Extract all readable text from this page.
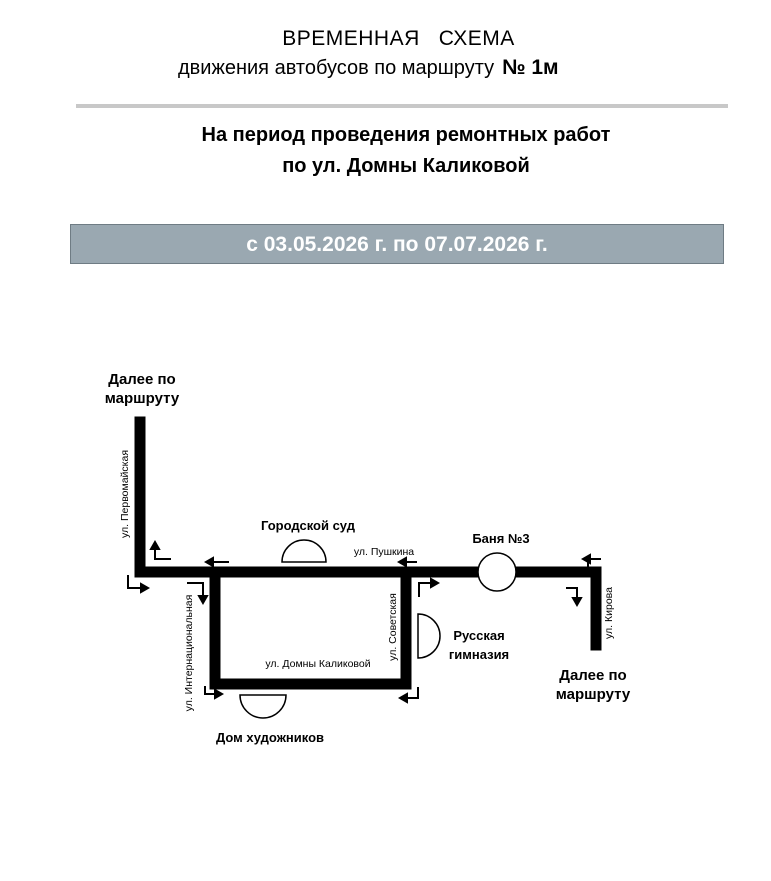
ВРЕМЕННАЯ   СХЕМА
движения автобусов по маршруту № 1м
На период проведения ремонтных работ
по ул. Домны Каликовой
с 03.05.2026 г. по 07.07.2026 г.
Далее по
маршруту
Далее по
маршруту
Городской суд
Баня №3
Русская
гимназия
Дом художников
ул. Пушкина
ул. Домны Каликовой
ул. Первомайская
ул. Интернациональная	ул. Советская	ул. Кирова
